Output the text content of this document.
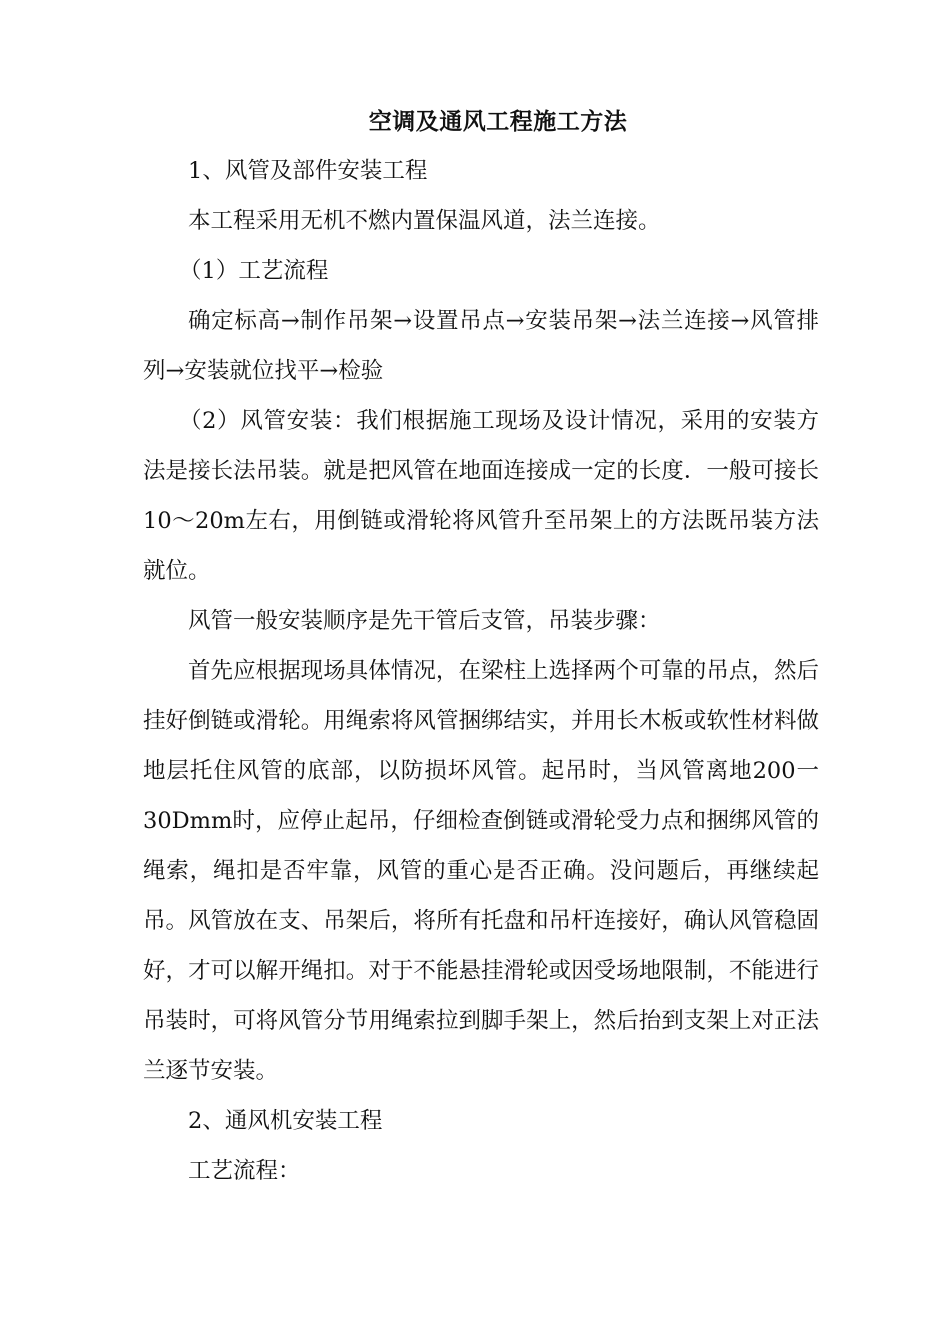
空调及通风工程施工方法

1、风管及部件安装工程

本工程采用无机不燃内置保温风道，法兰连接。

（1）工艺流程

确定标高→制作吊架→设置吊点→安装吊架→法兰连接→风管排列→安装就位找平→检验

（2）风管安装：我们根据施工现场及设计情况，采用的安装方法是接长法吊装。就是把风管在地面连接成一定的长度．一般可接长10～20m左右，用倒链或滑轮将风管升至吊架上的方法既吊装方法就位。

风管一般安装顺序是先干管后支管，吊装步骤：

首先应根据现场具体情况，在梁柱上选择两个可靠的吊点，然后挂好倒链或滑轮。用绳索将风管捆绑结实，并用长木板或软性材料做地层托住风管的底部，以防损坏风管。起吊时，当风管离地200一30Dmm时，应停止起吊，仔细检查倒链或滑轮受力点和捆绑风管的绳索，绳扣是否牢靠，风管的重心是否正确。没问题后，再继续起吊。风管放在支、吊架后，将所有托盘和吊杆连接好，确认风管稳固好，才可以解开绳扣。对于不能悬挂滑轮或因受场地限制，不能进行吊装时，可将风管分节用绳索拉到脚手架上，然后抬到支架上对正法兰逐节安装。

2、通风机安装工程

工艺流程：
